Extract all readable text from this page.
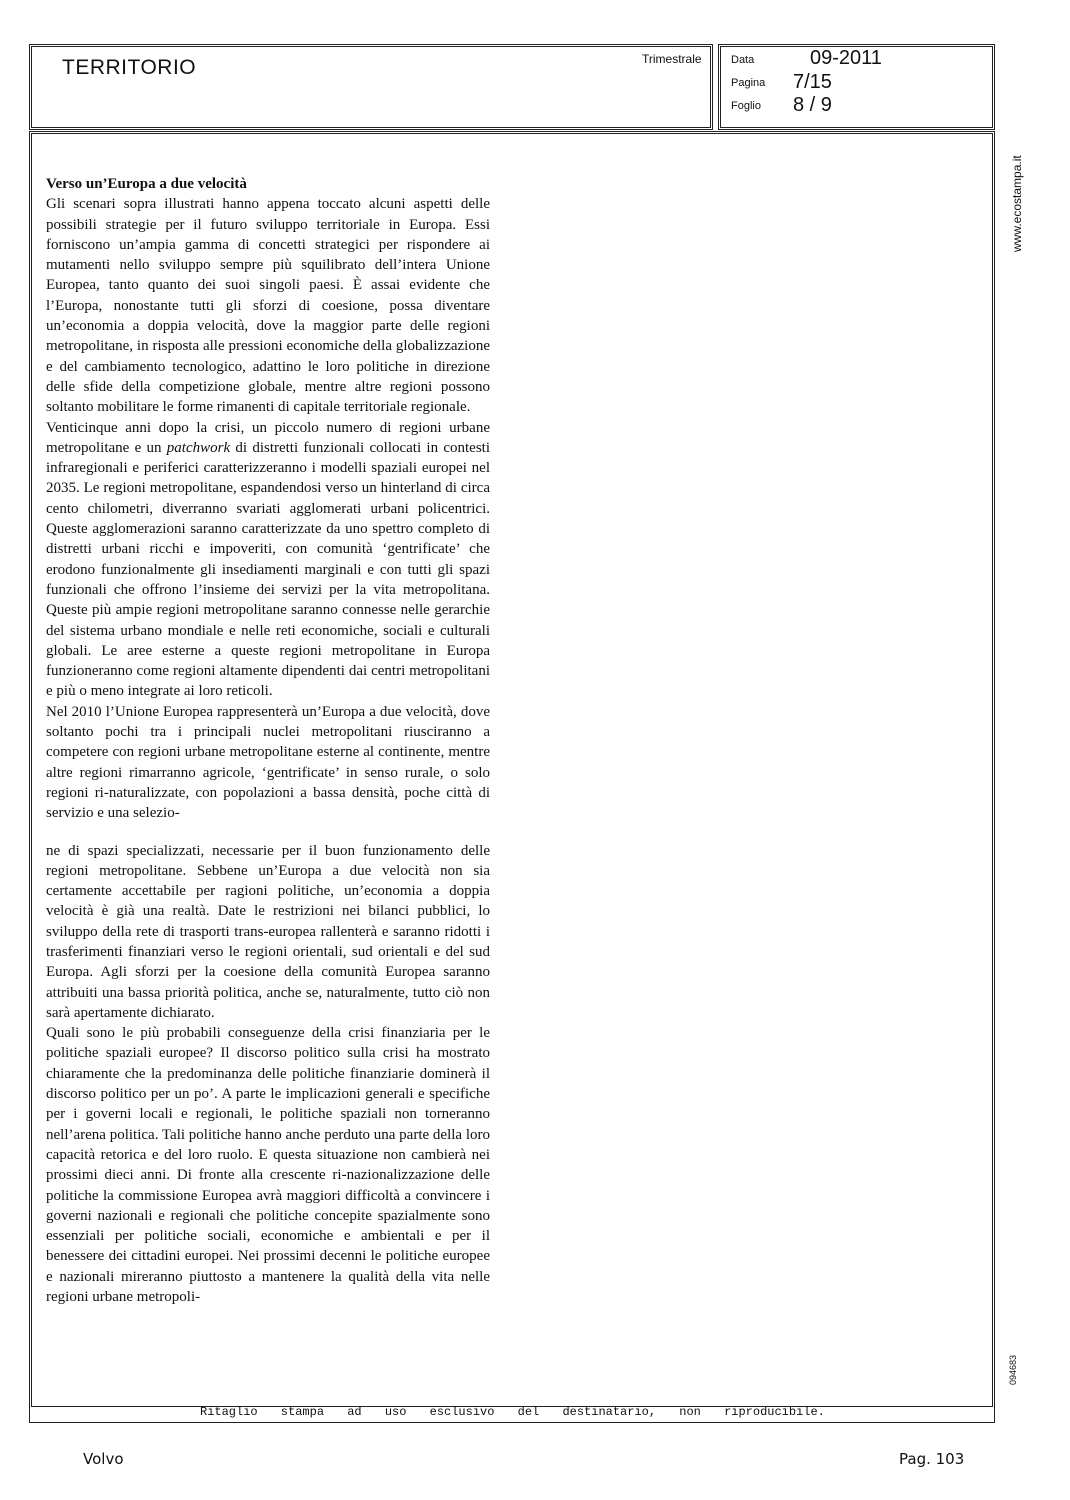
TERRITORIO	Trimestrale	Data	09-2011
Pagina 7/15
Foglio 8 / 9

Verso un’Europa a due velocità

Gli scenari sopra illustrati hanno appena toccato alcuni aspetti delle possibili strategie per il futuro sviluppo territoriale in Europa. Essi forniscono un’ampia gamma di concetti strategici per rispondere ai mutamenti nello sviluppo sempre più squilibrato dell’intera Unione Europea, tanto quanto dei suoi singoli paesi. È assai evidente che l’Europa, nonostante tutti gli sforzi di coesione, possa diventare un’economia a doppia velocità, dove la maggior parte delle regioni metropolitane, in risposta alle pressioni economiche della globalizzazione e del cambiamento tecnologico, adattino le loro politiche in direzione delle sfide della competizione globale, mentre altre regioni possono soltanto mobilitare le forme rimanenti di capitale territoriale regionale.

Venticinque anni dopo la crisi, un piccolo numero di regioni urbane metropolitane e un patchwork di distretti funzionali collocati in contesti infraregionali e periferici caratterizzeranno i modelli spaziali europei nel 2035. Le regioni metropolitane, espandendosi verso un hinterland di circa cento chilometri, diverranno svariati agglomerati urbani policentrici. Queste agglomerazioni saranno caratterizzate da uno spettro completo di distretti urbani ricchi e impoveriti, con comunità ‘gentrificate’ che erodono funzionalmente gli insediamenti marginali e con tutti gli spazi funzionali che offrono l’insieme dei servizi per la vita metropolitana. Queste più ampie regioni metropolitane saranno connesse nelle gerarchie del sistema urbano mondiale e nelle reti economiche, sociali e culturali globali. Le aree esterne a queste regioni metropolitane in Europa funzioneranno come regioni altamente dipendenti dai centri metropolitani e più o meno integrate ai loro reticoli.

Nel 2010 l’Unione Europea rappresenterà un’Europa a due velocità, dove soltanto pochi tra i principali nuclei metropolitani riusciranno a competere con regioni urbane metropolitane esterne al continente, mentre altre regioni rimarranno agricole, ‘gentrificate’ in senso rurale, o solo regioni ri-naturalizzate, con popolazioni a bassa densità, poche città di servizio e una selezio-

ne di spazi specializzati, necessarie per il buon funzionamento delle regioni metropolitane. Sebbene un’Europa a due velocità non sia certamente accettabile per ragioni politiche, un’economia a doppia velocità è già una realtà. Date le restrizioni nei bilanci pubblici, lo sviluppo della rete di trasporti trans-europea rallenterà e saranno ridotti i trasferimenti finanziari verso le regioni orientali, sud orientali e del sud Europa. Agli sforzi per la coesione della comunità Europea saranno attribuiti una bassa priorità politica, anche se, naturalmente, tutto ciò non sarà apertamente dichiarato.

Quali sono le più probabili conseguenze della crisi finanziaria per le politiche spaziali europee? Il discorso politico sulla crisi ha mostrato chiaramente che la predominanza delle politiche finanziarie dominerà il discorso politico per un po’. A parte le implicazioni generali e specifiche per i governi locali e regionali, le politiche spaziali non torneranno nell’arena politica. Tali politiche hanno anche perduto una parte della loro capacità retorica e del loro ruolo. E questa situazione non cambierà nei prossimi dieci anni. Di fronte alla crescente ri-nazionalizzazione delle politiche la commissione Europea avrà maggiori difficoltà a convincere i governi nazionali e regionali che politiche concepite spazialmente sono essenziali per politiche sociali, economiche e ambientali e per il benessere dei cittadini europei. Nei prossimi decenni le politiche europee e nazionali mireranno piuttosto a mantenere la qualità della vita nelle regioni urbane metropoli-

Ritaglio stampa ad uso esclusivo del destinatario, non riproducibile.
www.ecostampa.it
094683
Volvo	Pag. 103
